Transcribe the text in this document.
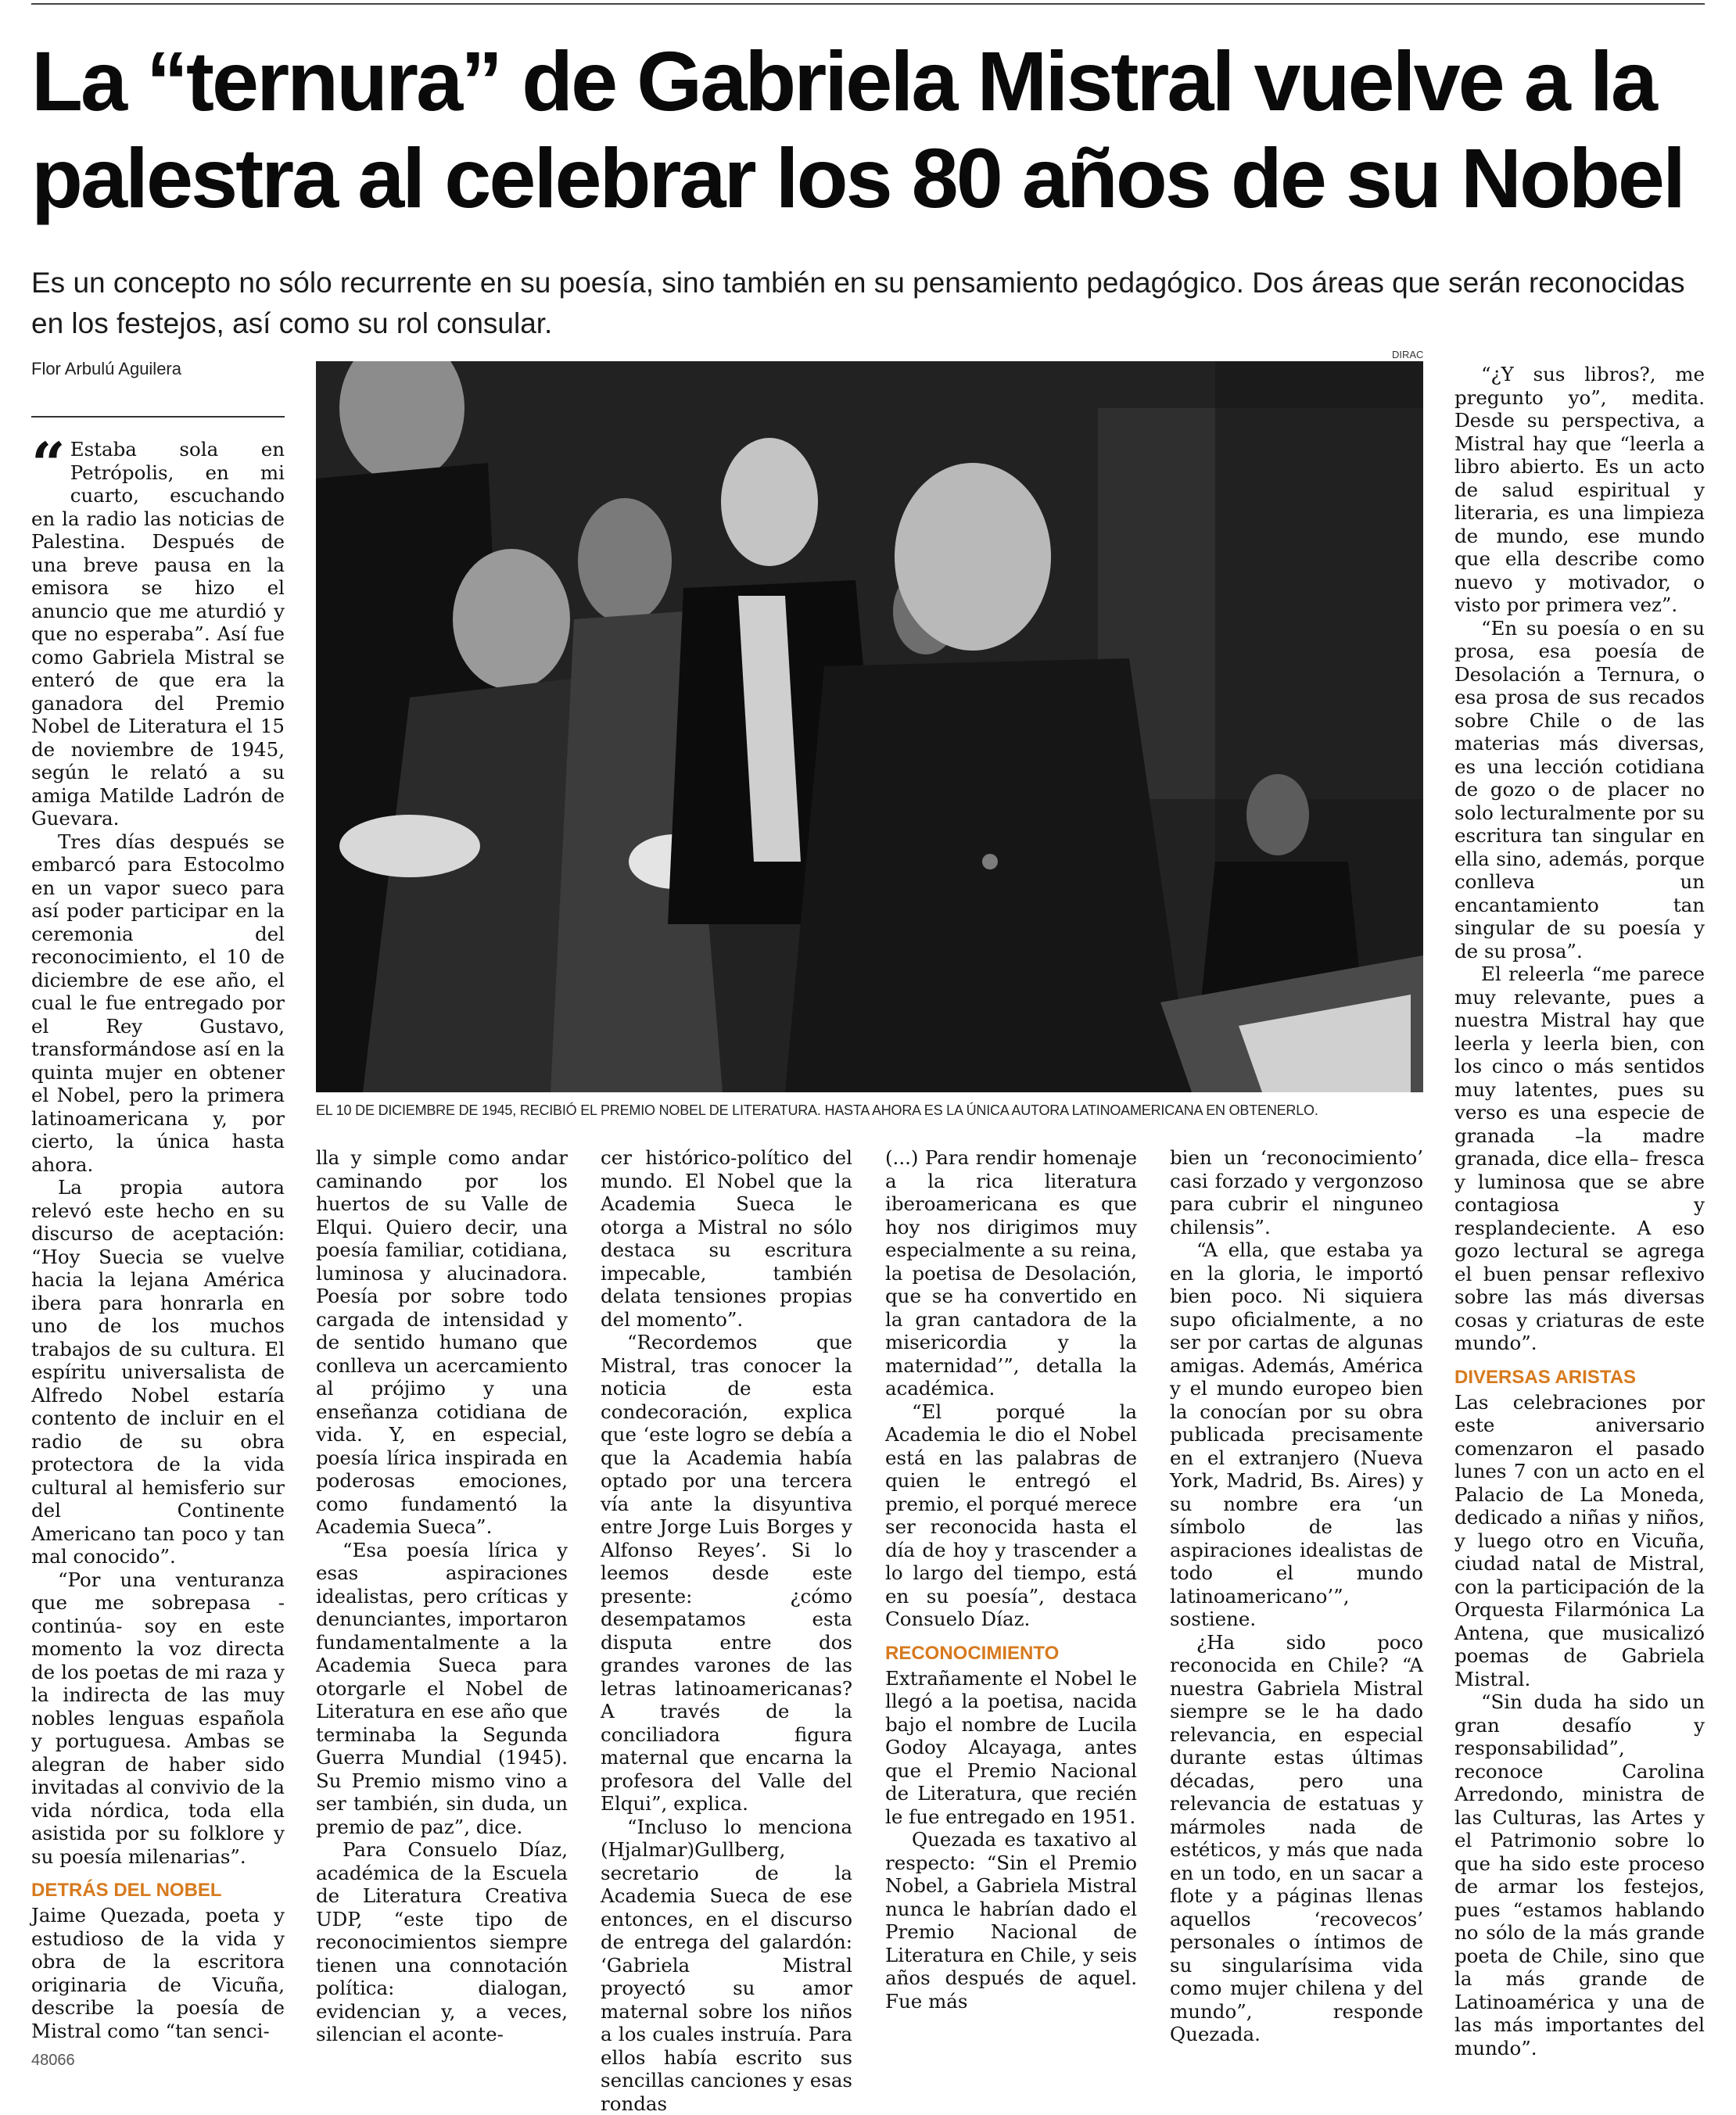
La “ternura” de Gabriela Mistral vuelve a la palestra al celebrar los 80 años de su Nobel

Es un concepto no sólo recurrente en su poesía, sino también en su pensamiento pedagógico. Dos áreas que serán reconocidas en los festejos, así como su rol consular.

Flor Arbulú Aguilera
DIRAC
EL 10 DE DICIEMBRE DE 1945, RECIBIÓ EL PREMIO NOBEL DE LITERATURA. HASTA AHORA ES LA ÚNICA AUTORA LATINOAMERICANA EN OBTENERLO.

“ Estaba sola en Petrópolis, en mi cuarto, escuchando en la radio las noticias de Palestina. Después de una breve pausa en la emisora se hizo el anuncio que me aturdió y que no esperaba”. Así fue como Gabriela Mistral se enteró de que era la ganadora del Premio Nobel de Literatura el 15 de noviembre de 1945, según le relató a su amiga Matilde Ladrón de Guevara.

Tres días después se embarcó para Estocolmo en un vapor sueco para así poder participar en la ceremonia del reconocimiento, el 10 de diciembre de ese año, el cual le fue entregado por el Rey Gustavo, transformándose así en la quinta mujer en obtener el Nobel, pero la primera latinoamericana y, por cierto, la única hasta ahora.

La propia autora relevó este hecho en su discurso de aceptación: “Hoy Suecia se vuelve hacia la lejana América ibera para honrarla en uno de los muchos trabajos de su cultura. El espíritu universalista de Alfredo Nobel estaría contento de incluir en el radio de su obra protectora de la vida cultural al hemisferio sur del Continente Americano tan poco y tan mal conocido”.

“Por una venturanza que me sobrepasa -continúa- soy en este momento la voz directa de los poetas de mi raza y la indirecta de las muy nobles lenguas española y portuguesa. Ambas se alegran de haber sido invitadas al convivio de la vida nórdica, toda ella asistida por su folklore y su poesía milenarias”.

DETRÁS DEL NOBEL

Jaime Quezada, poeta y estudioso de la vida y obra de la escritora originaria de Vicuña, describe la poesía de Mistral como “tan senci-

lla y simple como andar caminando por los huertos de su Valle de Elqui. Quiero decir, una poesía familiar, cotidiana, luminosa y alucinadora. Poesía por sobre todo cargada de intensidad y de sentido humano que conlleva un acercamiento al prójimo y una enseñanza cotidiana de vida. Y, en especial, poesía lírica inspirada en poderosas emociones, como fundamentó la Academia Sueca”.

“Esa poesía lírica y esas aspiraciones idealistas, pero críticas y denunciantes, importaron fundamentalmente a la Academia Sueca para otorgarle el Nobel de Literatura en ese año que terminaba la Segunda Guerra Mundial (1945). Su Premio mismo vino a ser también, sin duda, un premio de paz”, dice.

Para Consuelo Díaz, académica de la Escuela de Literatura Creativa UDP, “este tipo de reconocimientos siempre tienen una connotación política: dialogan, evidencian y, a veces, silencian el aconte-

cer histórico-político del mundo. El Nobel que la Academia Sueca le otorga a Mistral no sólo destaca su escritura impecable, también delata tensiones propias del momento”.

“Recordemos que Mistral, tras conocer la noticia de esta condecoración, explica que ‘este logro se debía a que la Academia había optado por una tercera vía ante la disyuntiva entre Jorge Luis Borges y Alfonso Reyes’. Si lo leemos desde este presente: ¿cómo desempatamos esta disputa entre dos grandes varones de las letras latinoamericanas? A través de la conciliadora figura maternal que encarna la profesora del Valle del Elqui”, explica.

“Incluso lo menciona (Hjalmar)Gullberg, secretario de la Academia Sueca de ese entonces, en el discurso de entrega del galardón: ‘Gabriela Mistral proyectó su amor maternal sobre los niños a los cuales instruía. Para ellos había escrito sus sencillas canciones y esas rondas

(...) Para rendir homenaje a la rica literatura iberoamericana es que hoy nos dirigimos muy especialmente a su reina, la poetisa de Desolación, que se ha convertido en la gran cantadora de la misericordia y la maternidad’”, detalla la académica.

“El porqué la Academia le dio el Nobel está en las palabras de quien le entregó el premio, el porqué merece ser reconocida hasta el día de hoy y trascender a lo largo del tiempo, está en su poesía”, destaca Consuelo Díaz.

RECONOCIMIENTO

Extrañamente el Nobel le llegó a la poetisa, nacida bajo el nombre de Lucila Godoy Alcayaga, antes que el Premio Nacional de Literatura, que recién le fue entregado en 1951.

Quezada es taxativo al respecto: “Sin el Premio Nobel, a Gabriela Mistral nunca le habrían dado el Premio Nacional de Literatura en Chile, y seis años después de aquel. Fue más

bien un ‘reconocimiento’ casi forzado y vergonzoso para cubrir el ninguneo chilensis”.

“A ella, que estaba ya en la gloria, le importó bien poco. Ni siquiera supo oficialmente, a no ser por cartas de algunas amigas. Además, América y el mundo europeo bien la conocían por su obra publicada precisamente en el extranjero (Nueva York, Madrid, Bs. Aires) y su nombre era ‘un símbolo de las aspiraciones idealistas de todo el mundo latinoamericano’”, sostiene.

¿Ha sido poco reconocida en Chile? “A nuestra Gabriela Mistral siempre se le ha dado relevancia, en especial durante estas últimas décadas, pero una relevancia de estatuas y mármoles nada de estéticos, y más que nada en un todo, en un sacar a flote y a páginas llenas aquellos ‘recovecos’ personales o íntimos de su singularísima vida como mujer chilena y del mundo”, responde Quezada.

“¿Y sus libros?, me pregunto yo”, medita. Desde su perspectiva, a Mistral hay que “leerla a libro abierto. Es un acto de salud espiritual y literaria, es una limpieza de mundo, ese mundo que ella describe como nuevo y motivador, o visto por primera vez”.

“En su poesía o en su prosa, esa poesía de Desolación a Ternura, o esa prosa de sus recados sobre Chile o de las materias más diversas, es una lección cotidiana de gozo o de placer no solo lecturalmente por su escritura tan singular en ella sino, además, porque conlleva un encantamiento tan singular de su poesía y de su prosa”.

El releerla “me parece muy relevante, pues a nuestra Mistral hay que leerla y leerla bien, con los cinco o más sentidos muy latentes, pues su verso es una especie de granada –la madre granada, dice ella– fresca y luminosa que se abre contagiosa y resplandeciente. A eso gozo lectural se agrega el buen pensar reflexivo sobre las más diversas cosas y criaturas de este mundo”.

DIVERSAS ARISTAS

Las celebraciones por este aniversario comenzaron el pasado lunes 7 con un acto en el Palacio de La Moneda, dedicado a niñas y niños, y luego otro en Vicuña, ciudad natal de Mistral, con la participación de la Orquesta Filarmónica La Antena, que musicalizó poemas de Gabriela Mistral.

“Sin duda ha sido un gran desafío y responsabilidad”, reconoce Carolina Arredondo, ministra de las Culturas, las Artes y el Patrimonio sobre lo que ha sido este proceso de armar los festejos, pues “estamos hablando no sólo de la más grande poeta de Chile, sino que la más grande de Latinoamérica y una de las más importantes del mundo”.

48066
